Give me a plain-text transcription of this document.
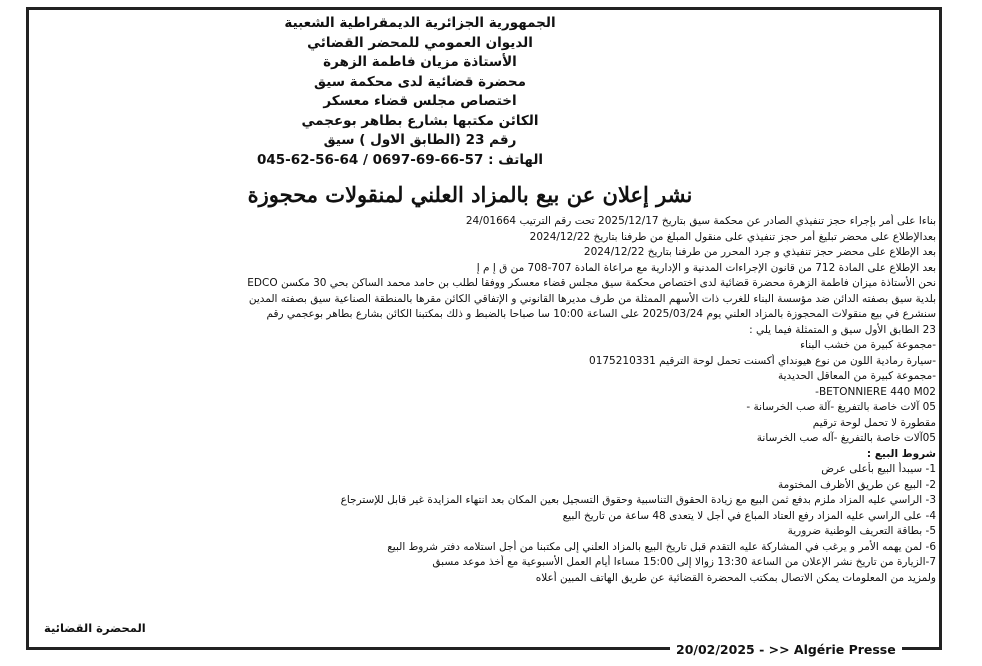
الجمهورية الجزائرية الديمقراطية الشعبية
الديوان العمومي للمحضر القضائي
الأستاذة مزيان فاطمة الزهرة
محضرة قضائية لدى محكمة سيق
اختصاص مجلس قضاء معسكر
الكائن مكتبها بشارع بطاهر بوعجمي
رقم 23 (الطابق الاول ) سيق
الهاتف : 045-62-56-64 / 0697-69-66-57
نشر إعلان عن بيع بالمزاد العلني لمنقولات محجوزة

بناءا على أمر بإجراء حجز تنفيذي الصادر عن محكمة سيق بتاريخ 2025/12/17 تحت رقم الترتيب 24/01664

بعدالإطلاع على محضر تبليغ أمر حجز تنفيذي على منقول المبلغ من طرفنا بتاريخ 2024/12/22

بعد الإطلاع على محضر حجز تنفيذي و جرد المحرر من طرفنا بتاريخ 2024/12/22

بعد الإطلاع على المادة 712 من قانون الإجراءات المدنية و الإدارية مع مراعاة المادة 707-708 من ق إ م إ

نحن الأستاذة ميزان فاطمة الزهرة محضرة قضائية لدى اختصاص محكمة سيق مجلس قضاء معسكر ووفقا لطلب بن حامد محمد الساكن بحي 30 مكسن EDCO

بلدية سيق بصفته الدائن ضد مؤسسة البناء للغرب ذات الأسهم الممثلة من طرف مديرها القانوني و الإتفاقي الكائن مقرها بالمنطقة الصناعية سيق بصفته المدين

سنشرع في بيع منقولات المحجوزة بالمزاد العلني يوم 2025/03/24 على الساعة 10:00 سا صباحا بالضبط و ذلك بمكتبنا الكائن بشارع بطاهر بوعجمي رقم

23 الطابق الأول سيق و المتمثلة فيما يلي :

-مجموعة كبيرة من خشب البناء

-سيارة رمادية اللون من نوع هيونداي أكسنت تحمل لوحة الترقيم 0175210331

-مجموعة كبيرة من المعاقل الحديدية

BETONNIERE 440 M02-

05 آلات خاصة بالتفريغ -آلة صب الخرسانة -

مقطورة لا تحمل لوحة ترقيم

05آلات خاصة بالتفريغ -آله صب الخرسانة

شروط البيع :

1- سيبدأ البيع بأعلى عرض

2- البيع عن طريق الأظرف المختومة

3- الراسي عليه المزاد ملزم بدفع ثمن البيع مع زيادة الحقوق التناسبية وحقوق التسجيل بعين المكان بعد انتهاء المزايدة غير قابل للإسترجاع

4- على الراسي عليه المزاد رفع العتاد المباع في أجل لا يتعدى 48 ساعة من تاريخ البيع

5- بطاقة التعريف الوطنية ضرورية

6- لمن يهمه الأمر و يرغب في المشاركة عليه التقدم قبل تاريخ البيع بالمزاد العلني إلى مكتبنا من أجل استلامه دفتر شروط البيع

7-الزيارة من تاريخ نشر الإعلان من الساعة 13:30 زوالا إلى 15:00 مساءا أيام العمل الأسبوعية مع أخذ موعد مسبق

ولمزيد من المعلومات يمكن الاتصال بمكتب المحضرة القضائية عن طريق الهاتف المبين أعلاه

المحضرة القضائية
20/02/2025 - >> Algérie Presse
